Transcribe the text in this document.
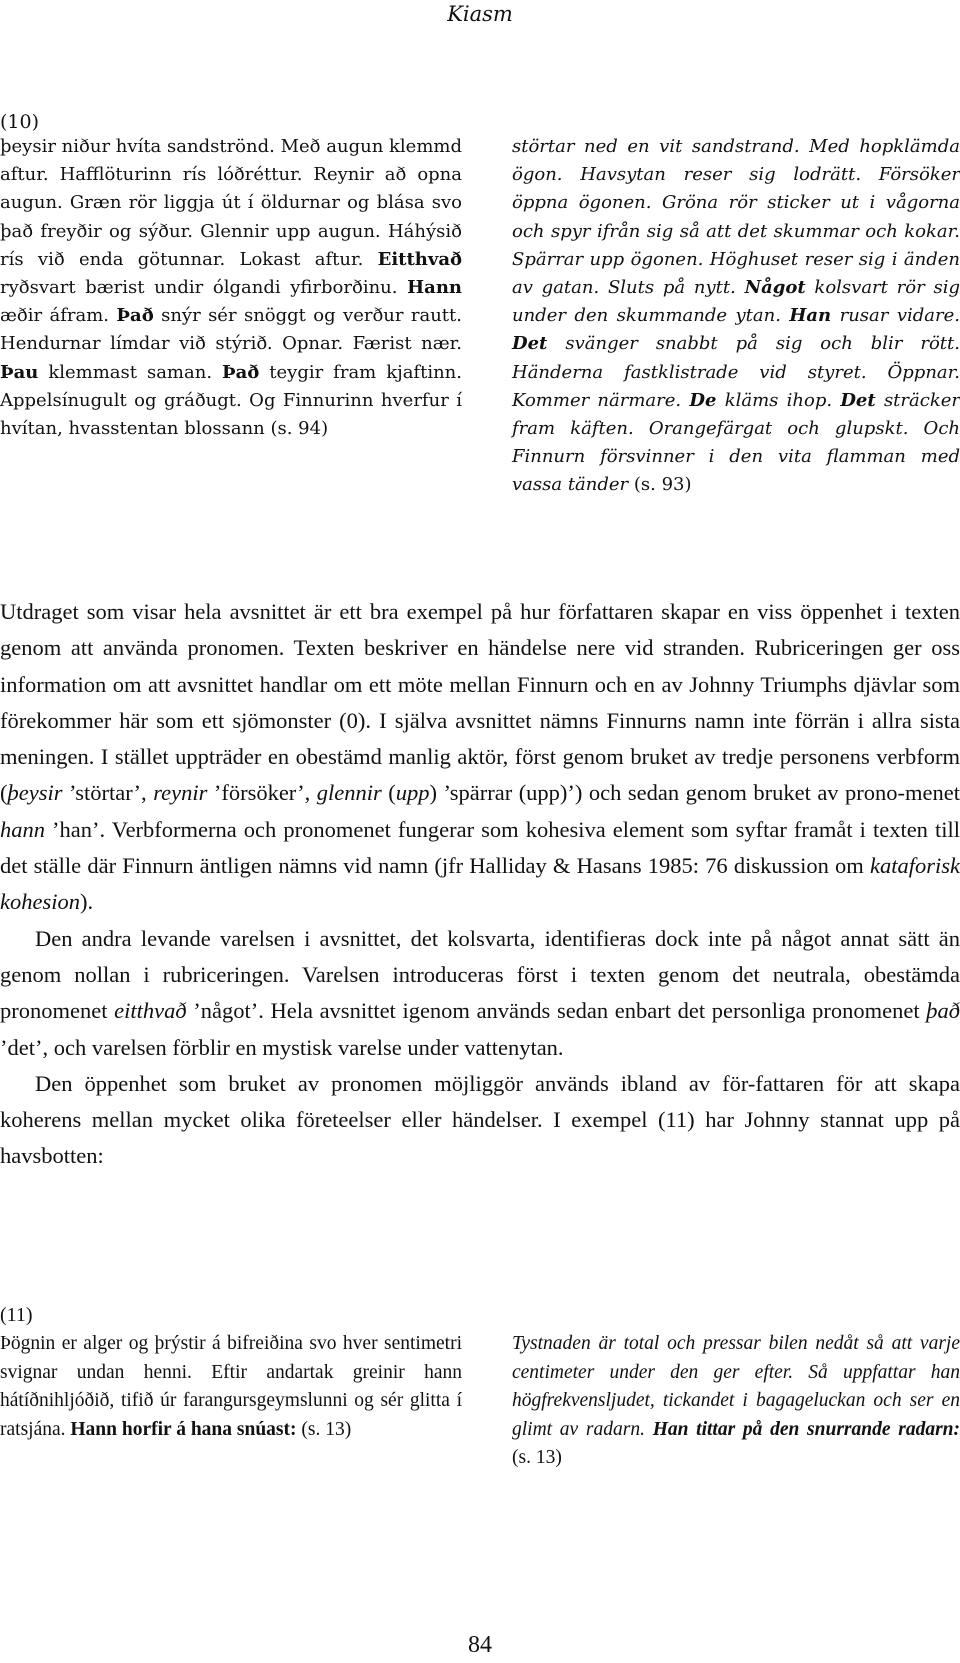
Kiasm
(10)
þeysir niður hvíta sandströnd. Með augun klemmd aftur. Hafflöturinn rís lóðréttur. Reynir að opna augun. Græn rör liggja út í öldurnar og blása svo það freyðir og sýður. Glennir upp augun. Háhýsið rís við enda götunnar. Lokast aftur. Eitthvað ryðsvart bærist undir ólgandi yfirborðinu. Hann æðir áfram. Það snýr sér snöggt og verður rautt. Hendurnar límdar við stýrið. Opnar. Færist nær. Þau klemmast saman. Það teygir fram kjaftinn. Appelsínugult og gráðugt. Og Finnurinn hverfur í hvítan, hvasstentan blossann (s. 94)
störtar ned en vit sandstrand. Med hopklämda ögon. Havsytan reser sig lodrätt. Försöker öppna ögonen. Gröna rör sticker ut i vågorna och spyr ifrån sig så att det skummar och kokar. Spärrar upp ögonen. Höghuset reser sig i änden av gatan. Sluts på nytt. Något kolsvart rör sig under den skummande ytan. Han rusar vidare. Det svänger snabbt på sig och blir rött. Händerna fastklistrade vid styret. Öppnar. Kommer närmare. De kläms ihop. Det sträcker fram käften. Orangefärgat och glupskt. Och Finnurn försvinner i den vita flamman med vassa tänder (s. 93)

Utdraget som visar hela avsnittet är ett bra exempel på hur författaren skapar en viss öppenhet i texten genom att använda pronomen. Texten beskriver en händelse nere vid stranden. Rubriceringen ger oss information om att avsnittet handlar om ett möte mellan Finnurn och en av Johnny Triumphs djävlar som förekommer här som ett sjömonster (0). I själva avsnittet nämns Finnurns namn inte förrän i allra sista meningen. I stället uppträder en obestämd manlig aktör, först genom bruket av tredje personens verbform (þeysir ’störtar’, reynir ’försöker’, glennir (upp) ’spärrar (upp)’) och sedan genom bruket av prono-menet hann ’han’. Verbformerna och pronomenet fungerar som kohesiva element som syftar framåt i texten till det ställe där Finnurn äntligen nämns vid namn (jfr Halliday & Hasans 1985: 76 diskussion om kataforisk kohesion).

Den andra levande varelsen i avsnittet, det kolsvarta, identifieras dock inte på något annat sätt än genom nollan i rubriceringen. Varelsen introduceras först i texten genom det neutrala, obestämda pronomenet eitthvað ’något’. Hela avsnittet igenom används sedan enbart det personliga pronomenet það ’det’, och varelsen förblir en mystisk varelse under vattenytan.

Den öppenhet som bruket av pronomen möjliggör används ibland av för-fattaren för att skapa koherens mellan mycket olika företeelser eller händelser. I exempel (11) har Johnny stannat upp på havsbotten:

(11)
Þögnin er alger og þrýstir á bifreiðina svo hver sentimetri svignar undan henni. Eftir andartak greinir hann hátíðnihljóðið, tifið úr farangursgeymslunni og sér glitta í ratsjána. Hann horfir á hana snúast: (s. 13)
Tystnaden är total och pressar bilen nedåt så att varje centimeter under den ger efter. Så uppfattar han högfrekvensljudet, tickandet i bagageluckan och ser en glimt av radarn. Han tittar på den snurrande radarn: (s. 13)
84
